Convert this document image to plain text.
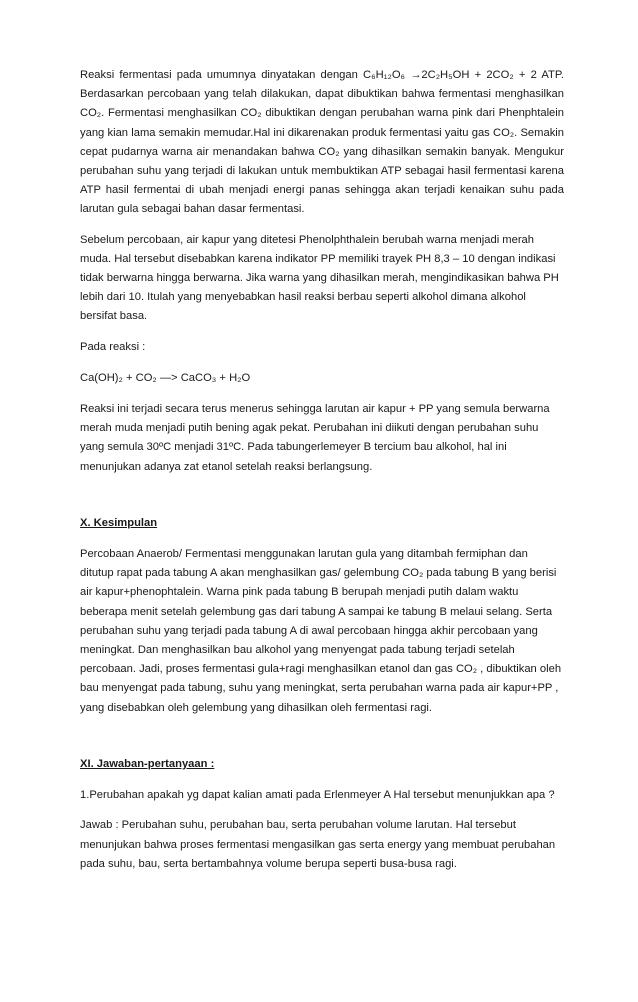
Reaksi fermentasi pada umumnya dinyatakan dengan C₆H₁₂O₆ →2C₂H₅OH + 2CO₂ + 2 ATP. Berdasarkan percobaan yang telah dilakukan, dapat dibuktikan bahwa fermentasi menghasilkan CO₂. Fermentasi menghasilkan CO₂ dibuktikan dengan perubahan warna pink dari Phenphtalein yang kian lama semakin memudar.Hal ini dikarenakan produk fermentasi yaitu gas CO₂. Semakin cepat pudarnya warna air menandakan bahwa CO₂ yang dihasilkan semakin banyak. Mengukur perubahan suhu yang terjadi di lakukan untuk membuktikan ATP sebagai hasil fermentasi karena ATP hasil fermentai di ubah menjadi energi panas sehingga akan terjadi kenaikan suhu pada larutan gula sebagai bahan dasar fermentasi.

Sebelum percobaan, air kapur yang ditetesi Phenolphthalein berubah warna menjadi merah muda. Hal tersebut disebabkan karena indikator PP memiliki trayek PH 8,3 – 10 dengan indikasi tidak berwarna hingga berwarna. Jika warna yang dihasilkan merah, mengindikasikan bahwa PH lebih dari 10. Itulah yang menyebabkan hasil reaksi berbau seperti alkohol dimana alkohol bersifat basa.

Pada reaksi :

Ca(OH)₂ + CO₂ —> CaCO₃ + H₂O

Reaksi ini terjadi secara terus menerus sehingga larutan air kapur + PP yang semula berwarna merah muda menjadi putih bening agak pekat. Perubahan ini diikuti dengan perubahan suhu yang semula 30ºC menjadi 31ºC. Pada tabungerlemeyer B tercium bau alkohol, hal ini menunjukan adanya zat etanol setelah reaksi berlangsung.

X. Kesimpulan

Percobaan Anaerob/ Fermentasi menggunakan larutan gula yang ditambah fermiphan dan ditutup rapat pada tabung A akan menghasilkan gas/ gelembung CO₂ pada tabung B yang berisi air kapur+phenophtalein. Warna pink pada tabung B berupah menjadi putih dalam waktu beberapa menit setelah gelembung gas dari tabung A sampai ke tabung B melaui selang. Serta perubahan suhu yang terjadi pada tabung A di awal percobaan hingga akhir percobaan yang meningkat. Dan menghasilkan bau alkohol yang menyengat pada tabung terjadi setelah percobaan. Jadi, proses fermentasi gula+ragi menghasilkan etanol dan gas CO₂ , dibuktikan oleh bau menyengat pada tabung, suhu yang meningkat, serta perubahan warna pada air kapur+PP , yang disebabkan oleh gelembung yang dihasilkan oleh fermentasi ragi.

XI. Jawaban-pertanyaan :

1.Perubahan apakah yg dapat kalian amati pada Erlenmeyer A Hal tersebut menunjukkan apa ?

Jawab : Perubahan suhu, perubahan bau, serta perubahan volume larutan. Hal tersebut menunjukan bahwa proses fermentasi mengasilkan gas serta energy yang membuat perubahan pada suhu, bau, serta bertambahnya volume berupa seperti busa-busa ragi.
